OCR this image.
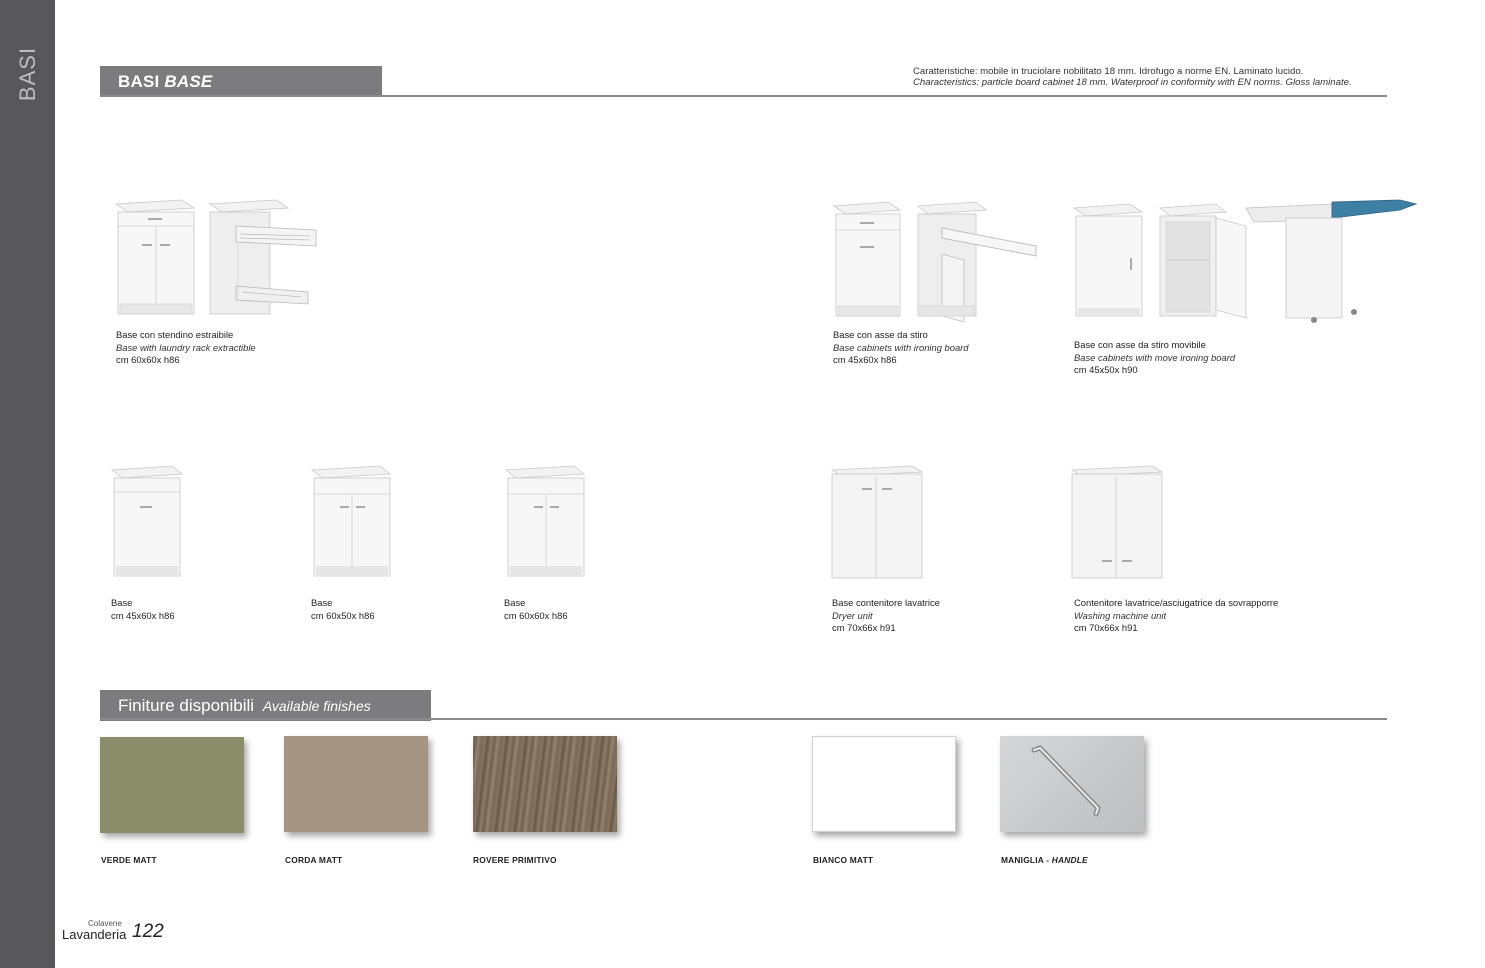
BASI	BASI BASE
Caratteristiche: mobile in truciolare nobilitato 18 mm. Idrofugo a norme EN. Laminato lucido.
Characteristics: particle board cabinet 18 mm. Waterproof in conformity with EN norms. Gloss laminate.
Base con stendino estraibile
Base with laundry rack extractible
cm 60x60x h86
Base con asse da stiro
Base cabinets with ironing board
cm 45x60x h86
Base con asse da stiro movibile
Base cabinets with move ironing board
cm 45x50x h90
Base
cm 45x60x h86
Base
cm 60x50x h86
Base
cm 60x60x h86
Base contenitore lavatrice
Dryer unit
cm 70x66x h91
Contenitore lavatrice/asciugatrice da sovrapporre
Washing machine unit
cm 70x66x h91
Finiture disponibili Available finishes
VERDE MATT	CORDA MATT	ROVERE PRIMITIVO	BIANCO MATT	MANIGLIA - HANDLE
Colavene
Lavanderia 122
